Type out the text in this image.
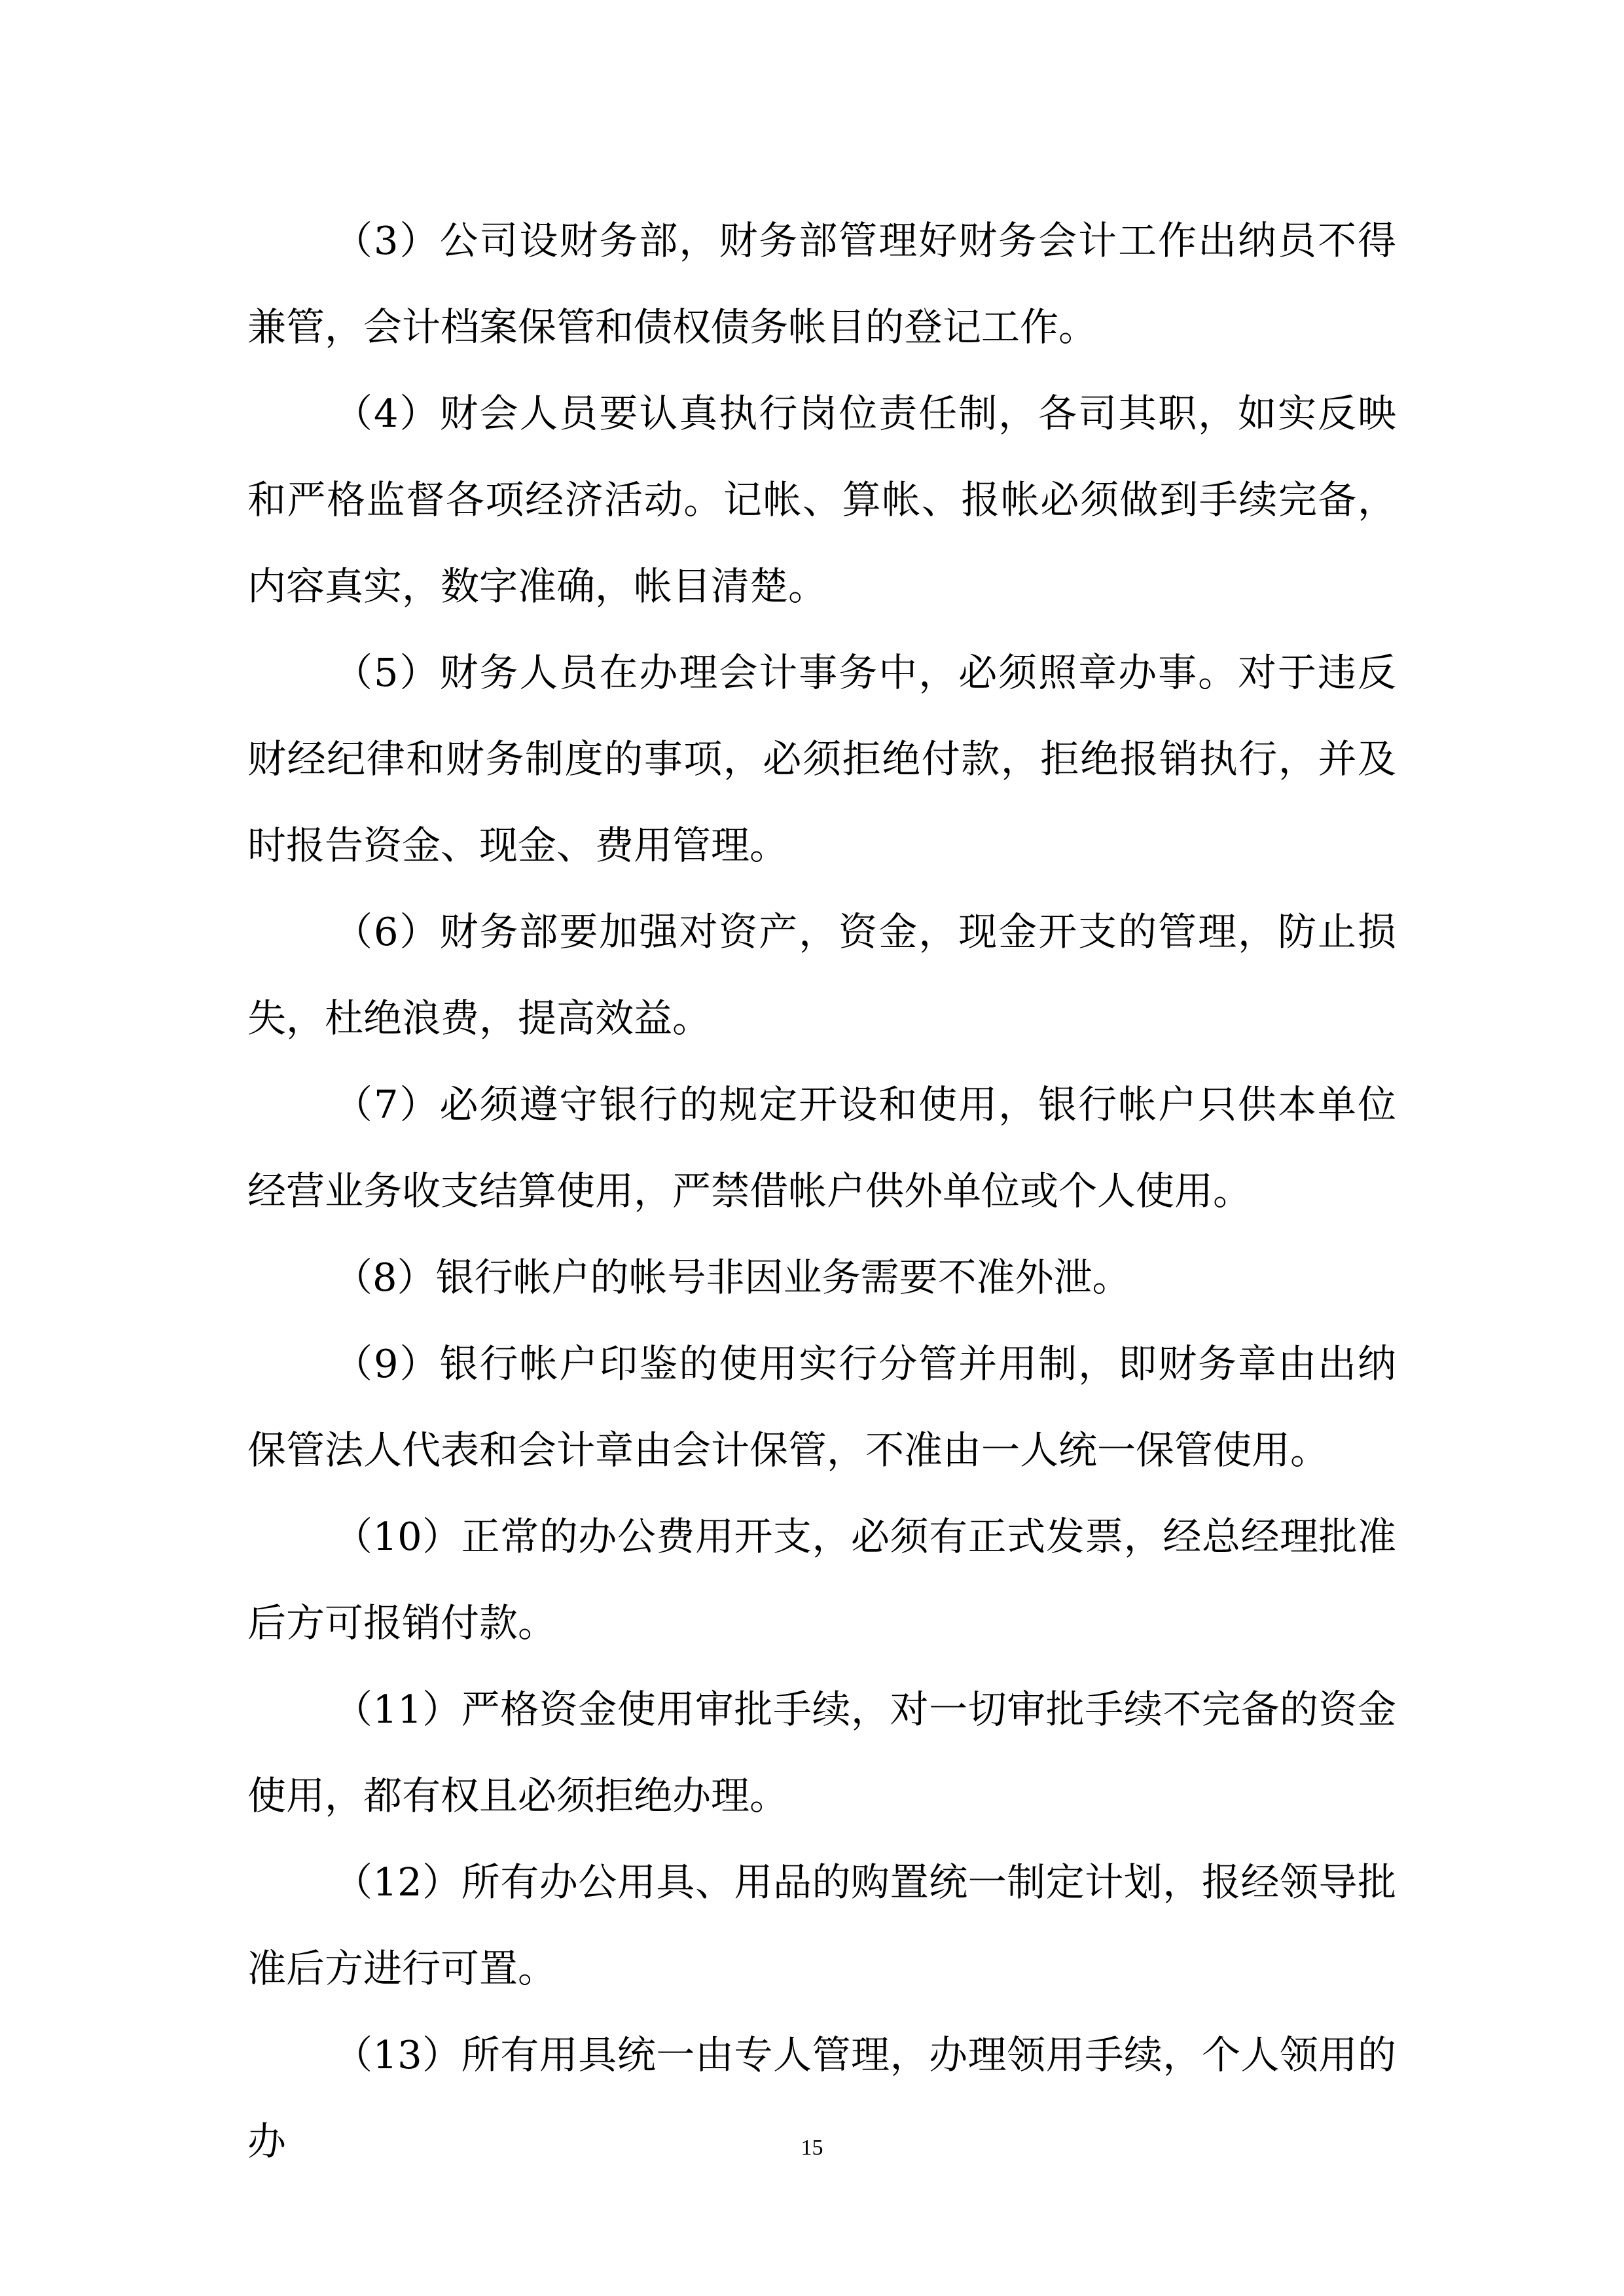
（3）公司设财务部，财务部管理好财务会计工作出纳员不得兼管，会计档案保管和债权债务帐目的登记工作。

（4）财会人员要认真执行岗位责任制，各司其职，如实反映和严格监督各项经济活动。记帐、算帐、报帐必须做到手续完备，内容真实，数字准确，帐目清楚。

（5）财务人员在办理会计事务中，必须照章办事。对于违反财经纪律和财务制度的事项，必须拒绝付款，拒绝报销执行，并及时报告资金、现金、费用管理。

（6）财务部要加强对资产，资金，现金开支的管理，防止损失，杜绝浪费，提高效益。

（7）必须遵守银行的规定开设和使用，银行帐户只供本单位经营业务收支结算使用，严禁借帐户供外单位或个人使用。

（8）银行帐户的帐号非因业务需要不准外泄。

（9）银行帐户印鉴的使用实行分管并用制，即财务章由出纳保管法人代表和会计章由会计保管，不准由一人统一保管使用。

（10）正常的办公费用开支，必须有正式发票，经总经理批准后方可报销付款。

（11）严格资金使用审批手续，对一切审批手续不完备的资金使用，都有权且必须拒绝办理。

（12）所有办公用具、用品的购置统一制定计划，报经领导批准后方进行可置。

（13）所有用具统一由专人管理，办理领用手续，个人领用的办	15
